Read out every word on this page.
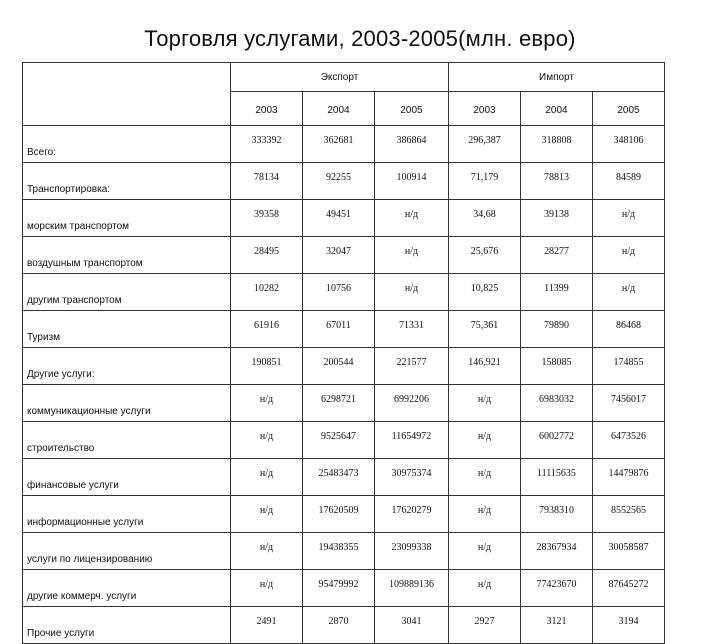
Торговля услугами, 2003-2005(млн. евро)
	Экспорт			Импорт		
	2003	2004	2005	2003	2004	2005
Всего:	333392	362681	386864	296,387	318808	348106
Транспортировка:	78134	92255	100914	71,179	78813	84589
морским транспортом	39358	49451	н/д	34,68	39138	н/д
воздушным транспортом	28495	32047	н/д	25,676	28277	н/д
другим транспортом	10282	10756	н/д	10,825	11399	н/д
Туризм	61916	67011	71331	75,361	79890	86468
Другие услуги:	190851	200544	221577	146,921	158085	174855
коммуникационные услуги	н/д	6298721	6992206	н/д	6983032	7456017
строительство	н/д	9525647	11654972	н/д	6002772	6473526
финансовые услуги	н/д	25483473	30975374	н/д	11115635	14479876
информационные услуги	н/д	17620509	17620279	н/д	7938310	8552565
услуги по лицензированию	н/д	19438355	23099338	н/д	28367934	30058587
другие коммерч. услуги	н/д	95479992	109889136	н/д	77423670	87645272
Прочие услуги	2491	2870	3041	2927	3121	3194
